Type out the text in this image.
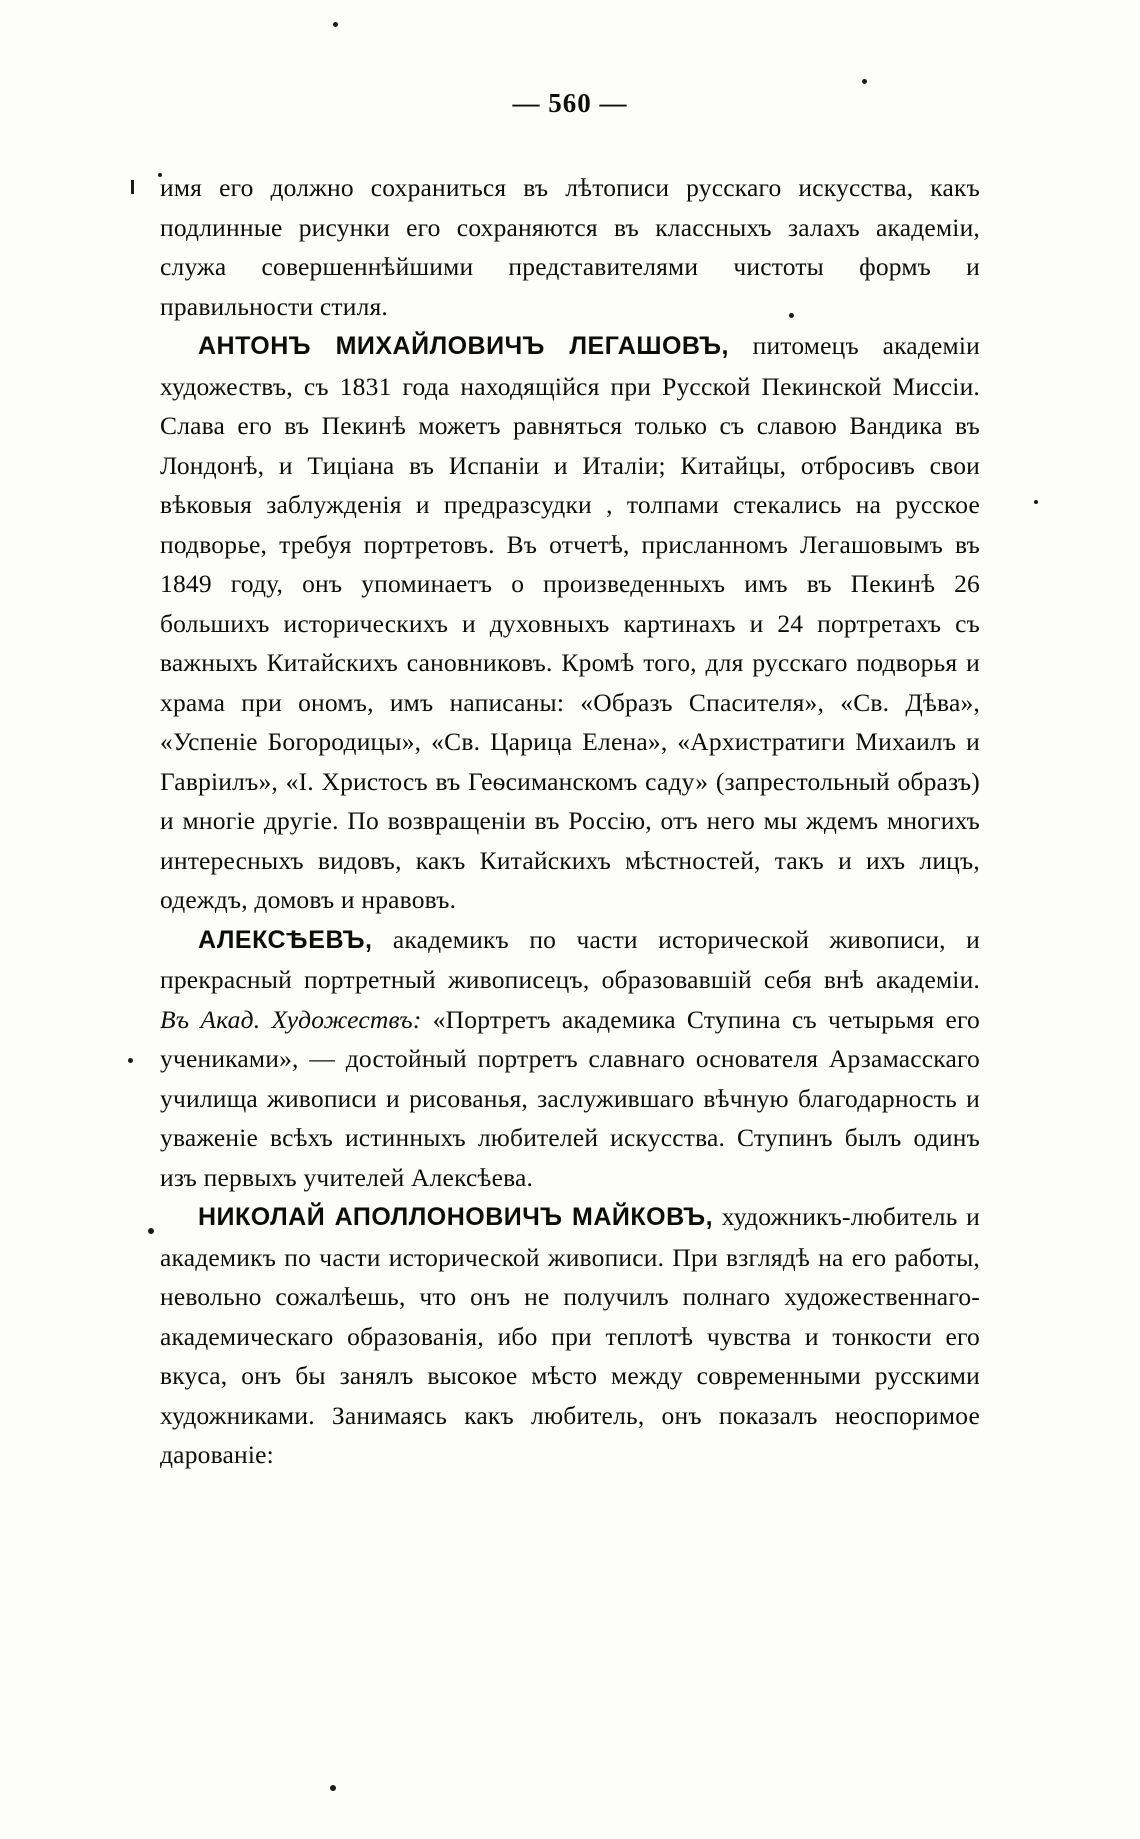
— 560 —

имя его должно сохраниться въ лѣтописи русскаго искусства, какъ подлинные рисунки его сохраняются въ классныхъ залахъ академіи, служа совершеннѣйшими представителями чистоты формъ и правильности стиля.

АНТОНЪ МИХАЙЛОВИЧЪ ЛЕГАШОВЪ, питомецъ академіи художествъ, съ 1831 года находящійся при Русской Пекинской Миссіи. Слава его въ Пекинѣ можетъ равняться только съ славою Вандика въ Лондонѣ, и Тиціана въ Испаніи и Италіи; Китайцы, отбросивъ свои вѣковыя заблужденія и предразсудки , толпами стекались на русское подворье, требуя портретовъ. Въ отчетѣ, присланномъ Легашовымъ въ 1849 году, онъ упоминаетъ о произведенныхъ имъ въ Пекинѣ 26 большихъ историческихъ и духовныхъ картинахъ и 24 портретахъ съ важныхъ Китайскихъ сановниковъ. Кромѣ того, для русскаго подворья и храма при ономъ, имъ написаны: «Образъ Спасителя», «Св. Дѣва», «Успеніе Богородицы», «Св. Царица Елена», «Архистратиги Михаилъ и Гавріилъ», «І. Христосъ въ Геѳсиманскомъ саду» (запрестольный образъ) и многіе другіе. По возвращеніи въ Россію, отъ него мы ждемъ многихъ интересныхъ видовъ, какъ Китайскихъ мѣстностей, такъ и ихъ лицъ, одеждъ, домовъ и нравовъ.

АЛЕКСѢЕВЪ, академикъ по части исторической живописи, и прекрасный портретный живописецъ, образовавшій себя внѣ академіи. Въ Акад. Художествъ: «Портретъ академика Ступина съ четырьмя его учениками», — достойный портретъ славнаго основателя Арзамасскаго училища живописи и рисованья, заслужившаго вѣчную благодарность и уваженіе всѣхъ истинныхъ любителей искусства. Ступинъ былъ одинъ изъ первыхъ учителей Алексѣева.

НИКОЛАЙ АПОЛЛОНОВИЧЪ МАЙКОВЪ, художникъ-любитель и академикъ по части исторической живописи. При взглядѣ на его работы, невольно сожалѣешь, что онъ не получилъ полнаго художественнаго-академическаго образованія, ибо при теплотѣ чувства и тонкости его вкуса, онъ бы занялъ высокое мѣсто между современными русскими художниками. Занимаясь какъ любитель, онъ показалъ неоспоримое дарованіе:
